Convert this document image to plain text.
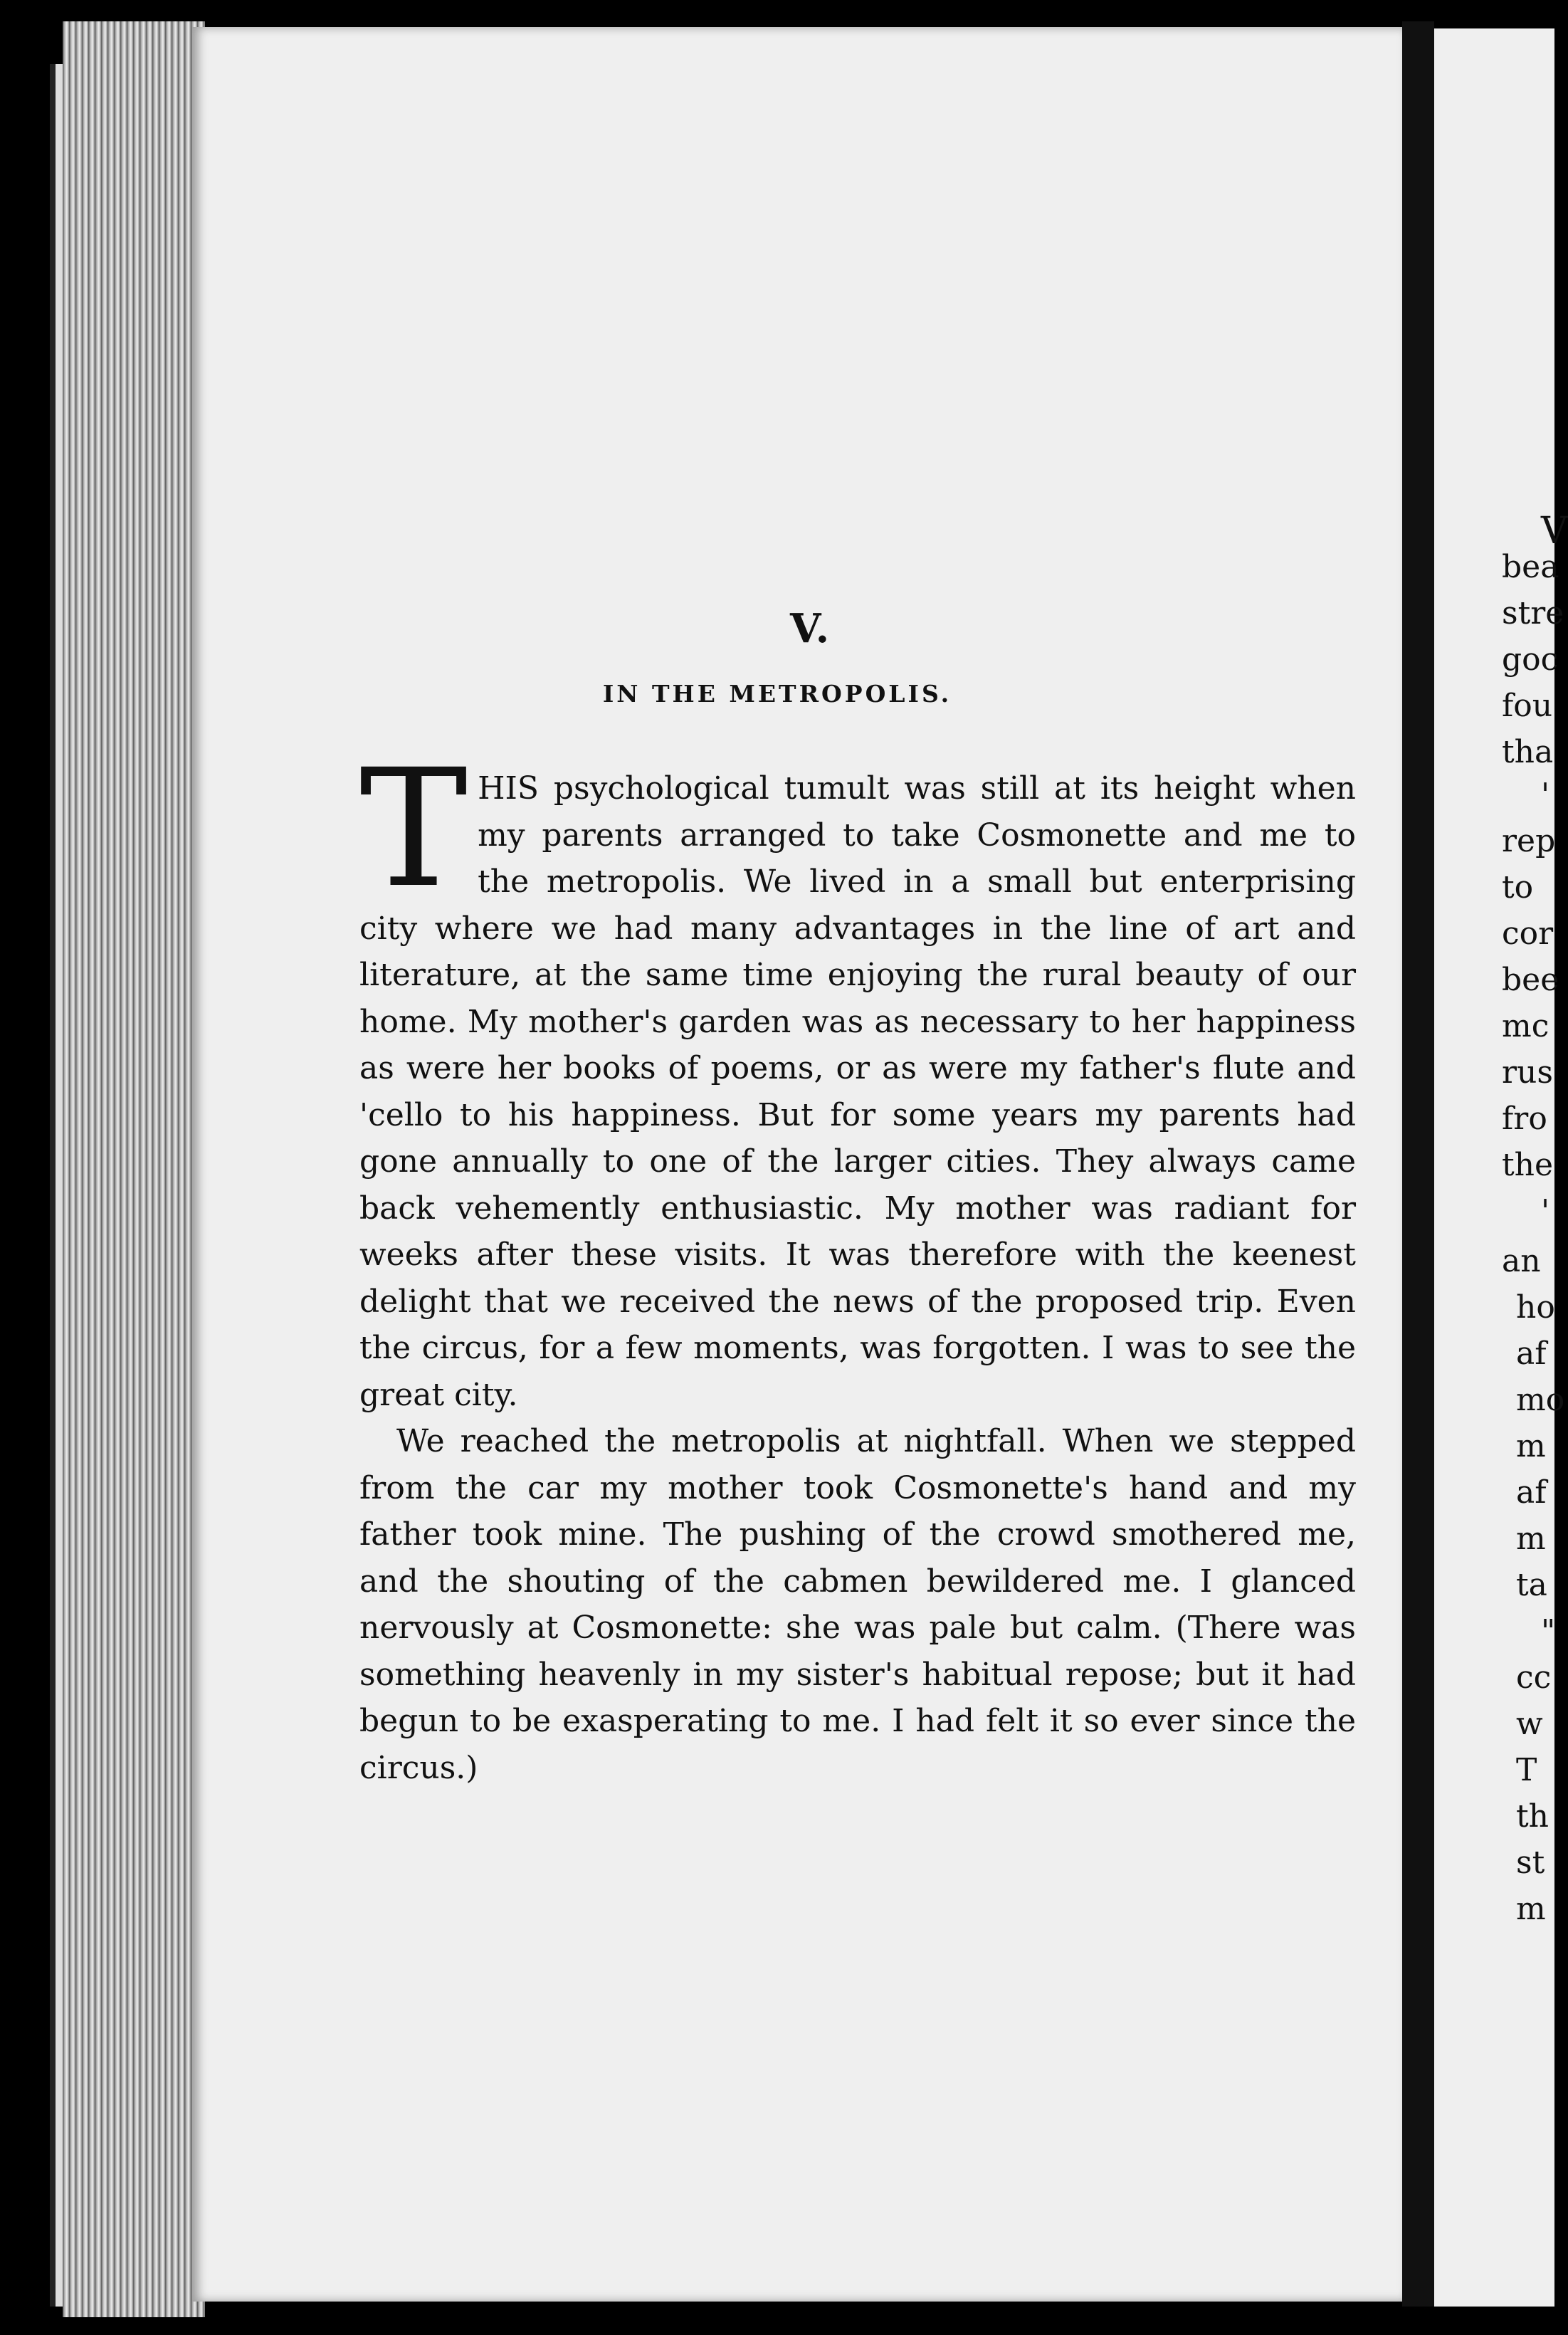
V
bea
stre
goc
fou
tha
'
rep
to
cor
bee
mc
rus
fro
the
'
an
ho
af
mo
m
af
m
ta
"
cc
w
T
th
st
m
V.
IN THE METROPOLIS.

THIS psychological tumult was still at its height when my parents arranged to take Cosmonette and me to the metropolis. We lived in a small but enterprising city where we had many advantages in the line of art and literature, at the same time enjoying the rural beauty of our home. My mother's garden was as necessary to her happiness as were her books of poems, or as were my father's flute and 'cello to his happiness. But for some years my parents had gone annually to one of the larger cities. They always came back vehemently enthusiastic. My mother was radiant for weeks after these visits. It was therefore with the keenest delight that we received the news of the proposed trip. Even the circus, for a few moments, was forgotten. I was to see the great city.

We reached the metropolis at nightfall. When we stepped from the car my mother took Cosmonette's hand and my father took mine. The pushing of the crowd smothered me, and the shouting of the cabmen bewildered me. I glanced nervously at Cosmonette: she was pale but calm. (There was something heavenly in my sister's habitual repose; but it had begun to be exasperating to me. I had felt it so ever since the circus.)
